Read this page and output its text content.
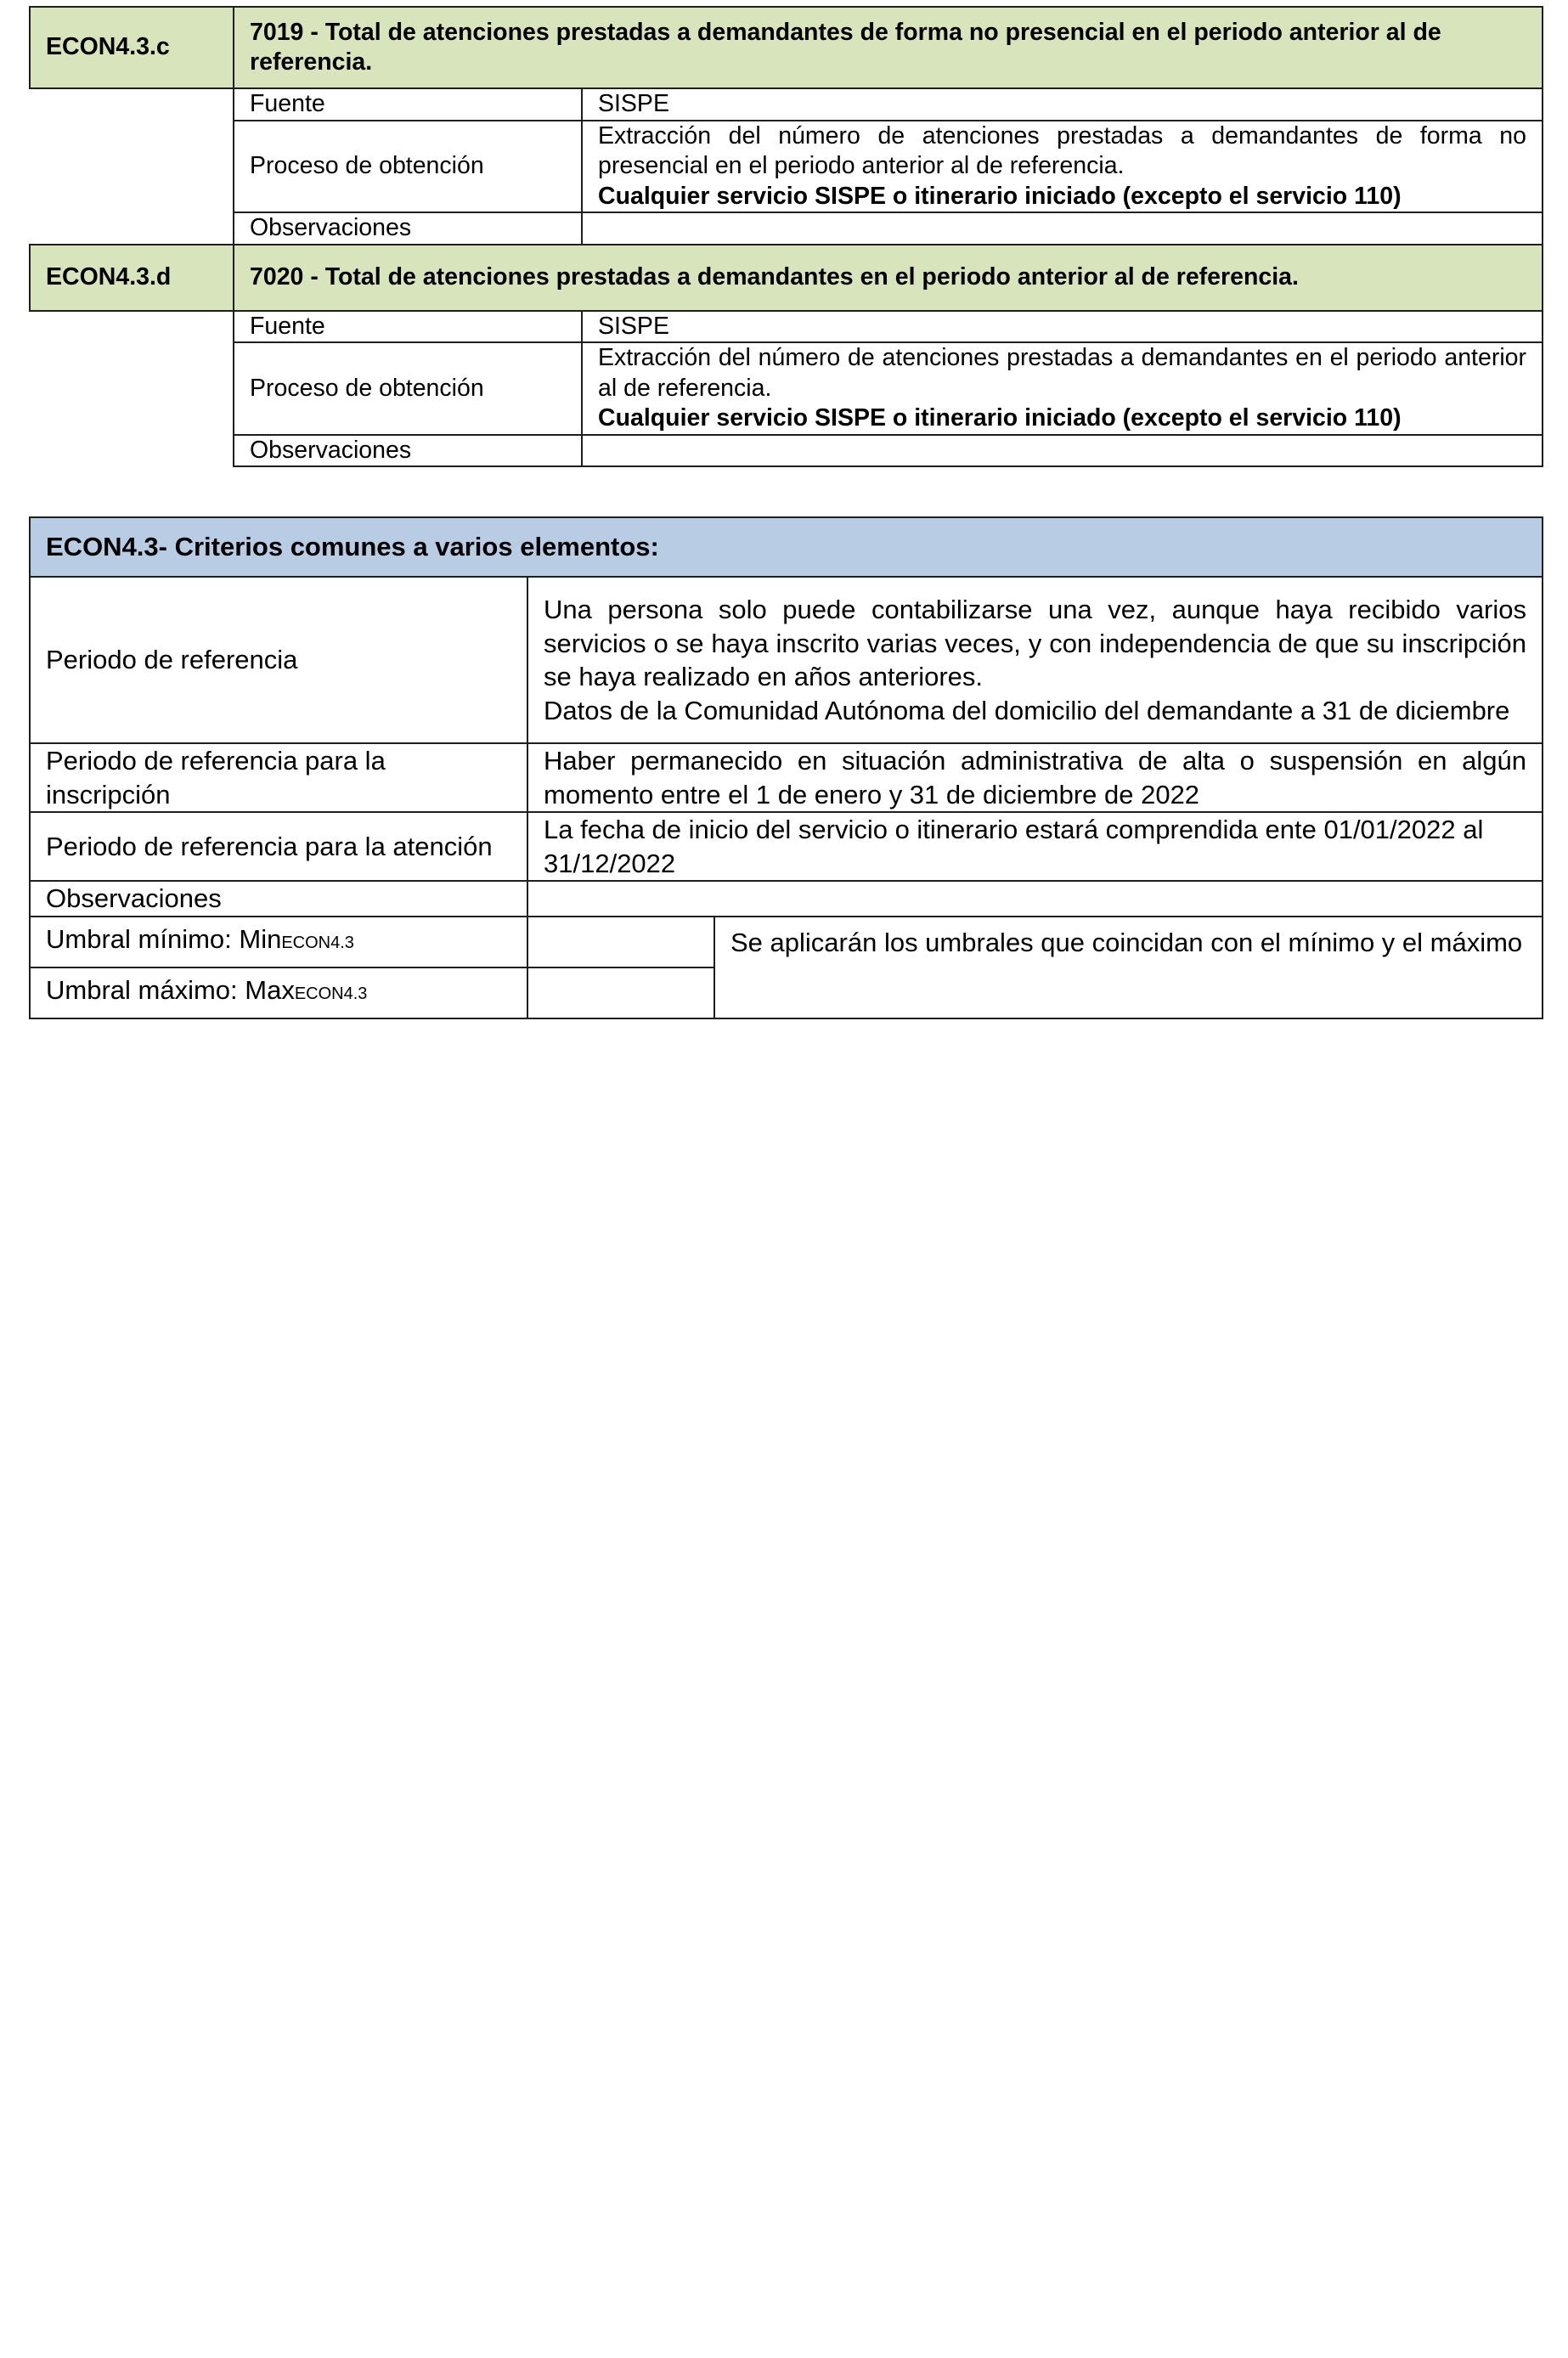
ECON4.3.c	7019 - Total de atenciones prestadas a demandantes de forma no presencial en el periodo anterior al de referencia.	
	Fuente	SISPE
	Proceso de obtención	Extracción del número de atenciones prestadas a demandantes de forma no presencial en el periodo anterior al de referencia.
Cualquier servicio SISPE o itinerario iniciado (excepto el servicio 110)

	Observaciones	

ECON4.3.d	7020 - Total de atenciones prestadas a demandantes en el periodo anterior al de referencia.	
	Fuente	SISPE
	Proceso de obtención	Extracción del número de atenciones prestadas a demandantes en el periodo anterior al de referencia.
Cualquier servicio SISPE o itinerario iniciado (excepto el servicio 110)

	Observaciones	
ECON4.3- Criterios comunes a varios elementos:		
Periodo de referencia	Una persona solo puede contabilizarse una vez, aunque haya recibido varios servicios o se haya inscrito varias veces, y con independencia de que su inscripción se haya realizado en años anteriores.
Datos de la Comunidad Autónoma del domicilio del demandante a 31 de diciembre	

Periodo de referencia para la inscripción	Haber permanecido en situación administrativa de alta o suspensión en algún momento entre el 1 de enero y 31 de diciembre de 2022	
Periodo de referencia para la atención	La fecha de inicio del servicio o itinerario estará comprendida ente 01/01/2022 al 31/12/2022	
Observaciones		
Umbral mínimo: MinECON4.3		Se aplicarán los umbrales que coincidan con el mínimo y el máximo
Umbral máximo: MaxECON4.3		
